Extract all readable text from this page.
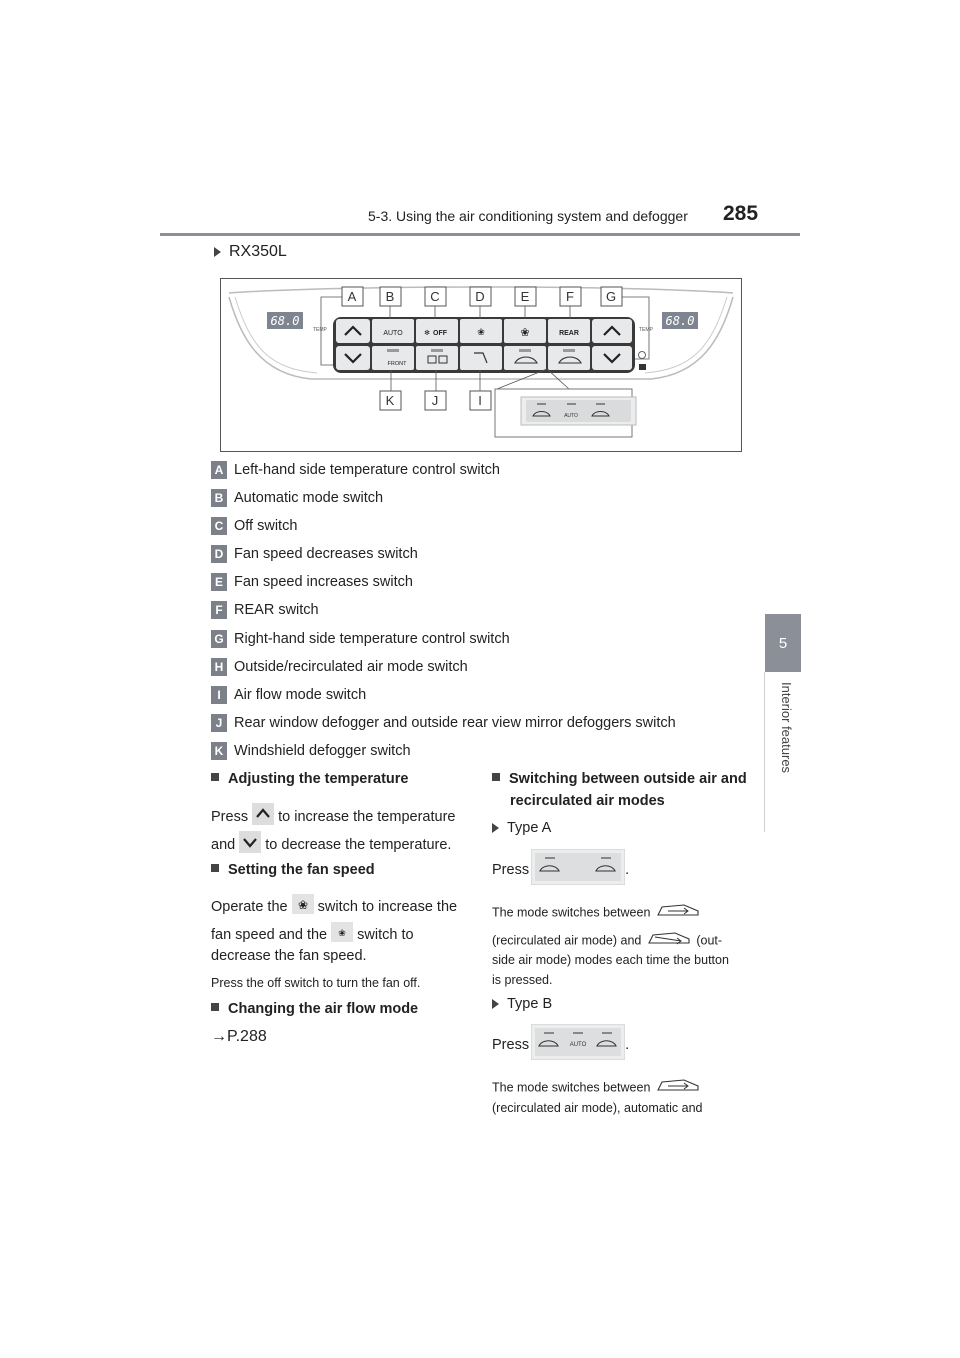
5-3. Using the air conditioning system and defogger 285
5
Interior features
RX350L
68.0
TEMP
68.0
TEMP
AUTO	OFF
✻	❀	❀	REAR
FRONT
A B	C	D	E	F G
K	J	I
AUTO
A Left-hand side temperature control switch
B Automatic mode switch
C Off switch
D Fan speed decreases switch
E Fan speed increases switch
F REAR switch
G Right-hand side temperature control switch
H Outside/recirculated air mode switch
I Air flow mode switch
J Rear window defogger and outside rear view mirror defoggers switch
K Windshield defogger switch
Adjusting the temperature
Press to increase the temperature
and to decrease the temperature.
Setting the fan speed
Operate the ❀ switch to increase the
fan speed and the ❀ switch to
decrease the fan speed.
Press the off switch to turn the fan off.
Changing the air flow mode
→P.288
Switching between outside air and
recirculated air modes
Type A
Press	.
The mode switches between
(recirculated air mode) and	(out-
side air mode) modes each time the button
is pressed.
Type B
Press	AUTO	.
The mode switches between
(recirculated air mode), automatic and
